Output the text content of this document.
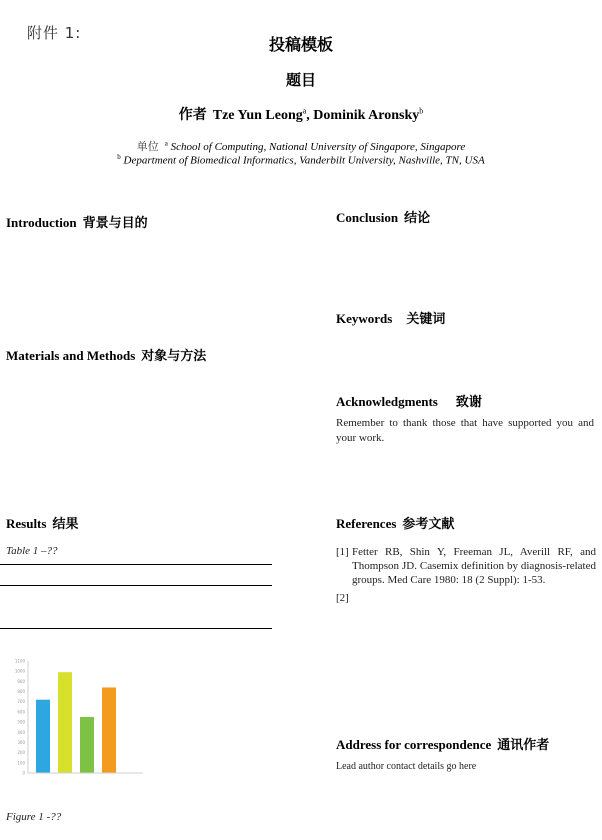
附件 1:
投稿模板
题目
作者 Tze Yun Leong$^a$, Dominik Aronsky$^b$
单位 $^a$ School of Computing, National University of Singapore, Singapore
$^b$ Department of Biomedical Informatics, Vanderbilt University, Nashville, TN, USA
Introduction 背景与目的
Materials and Methods 对象与方法
Results 结果
Table 1 –??
0
100
200
300
400
500
600
700
800
900
1000
1100
Figure 1 -??
Conclusion 结论
Keywords 关键词
Acknowledgments 致谢
Remember to thank those that have supported you and your work.
References 参考文献
[1] Fetter RB, Shin Y, Freeman JL, Averill RF, and Thompson JD. Casemix definition by diagnosis-related groups. Med Care 1980: 18 (2 Suppl): 1-53.
[2]
Address for correspondence 通讯作者
Lead author contact details go here
